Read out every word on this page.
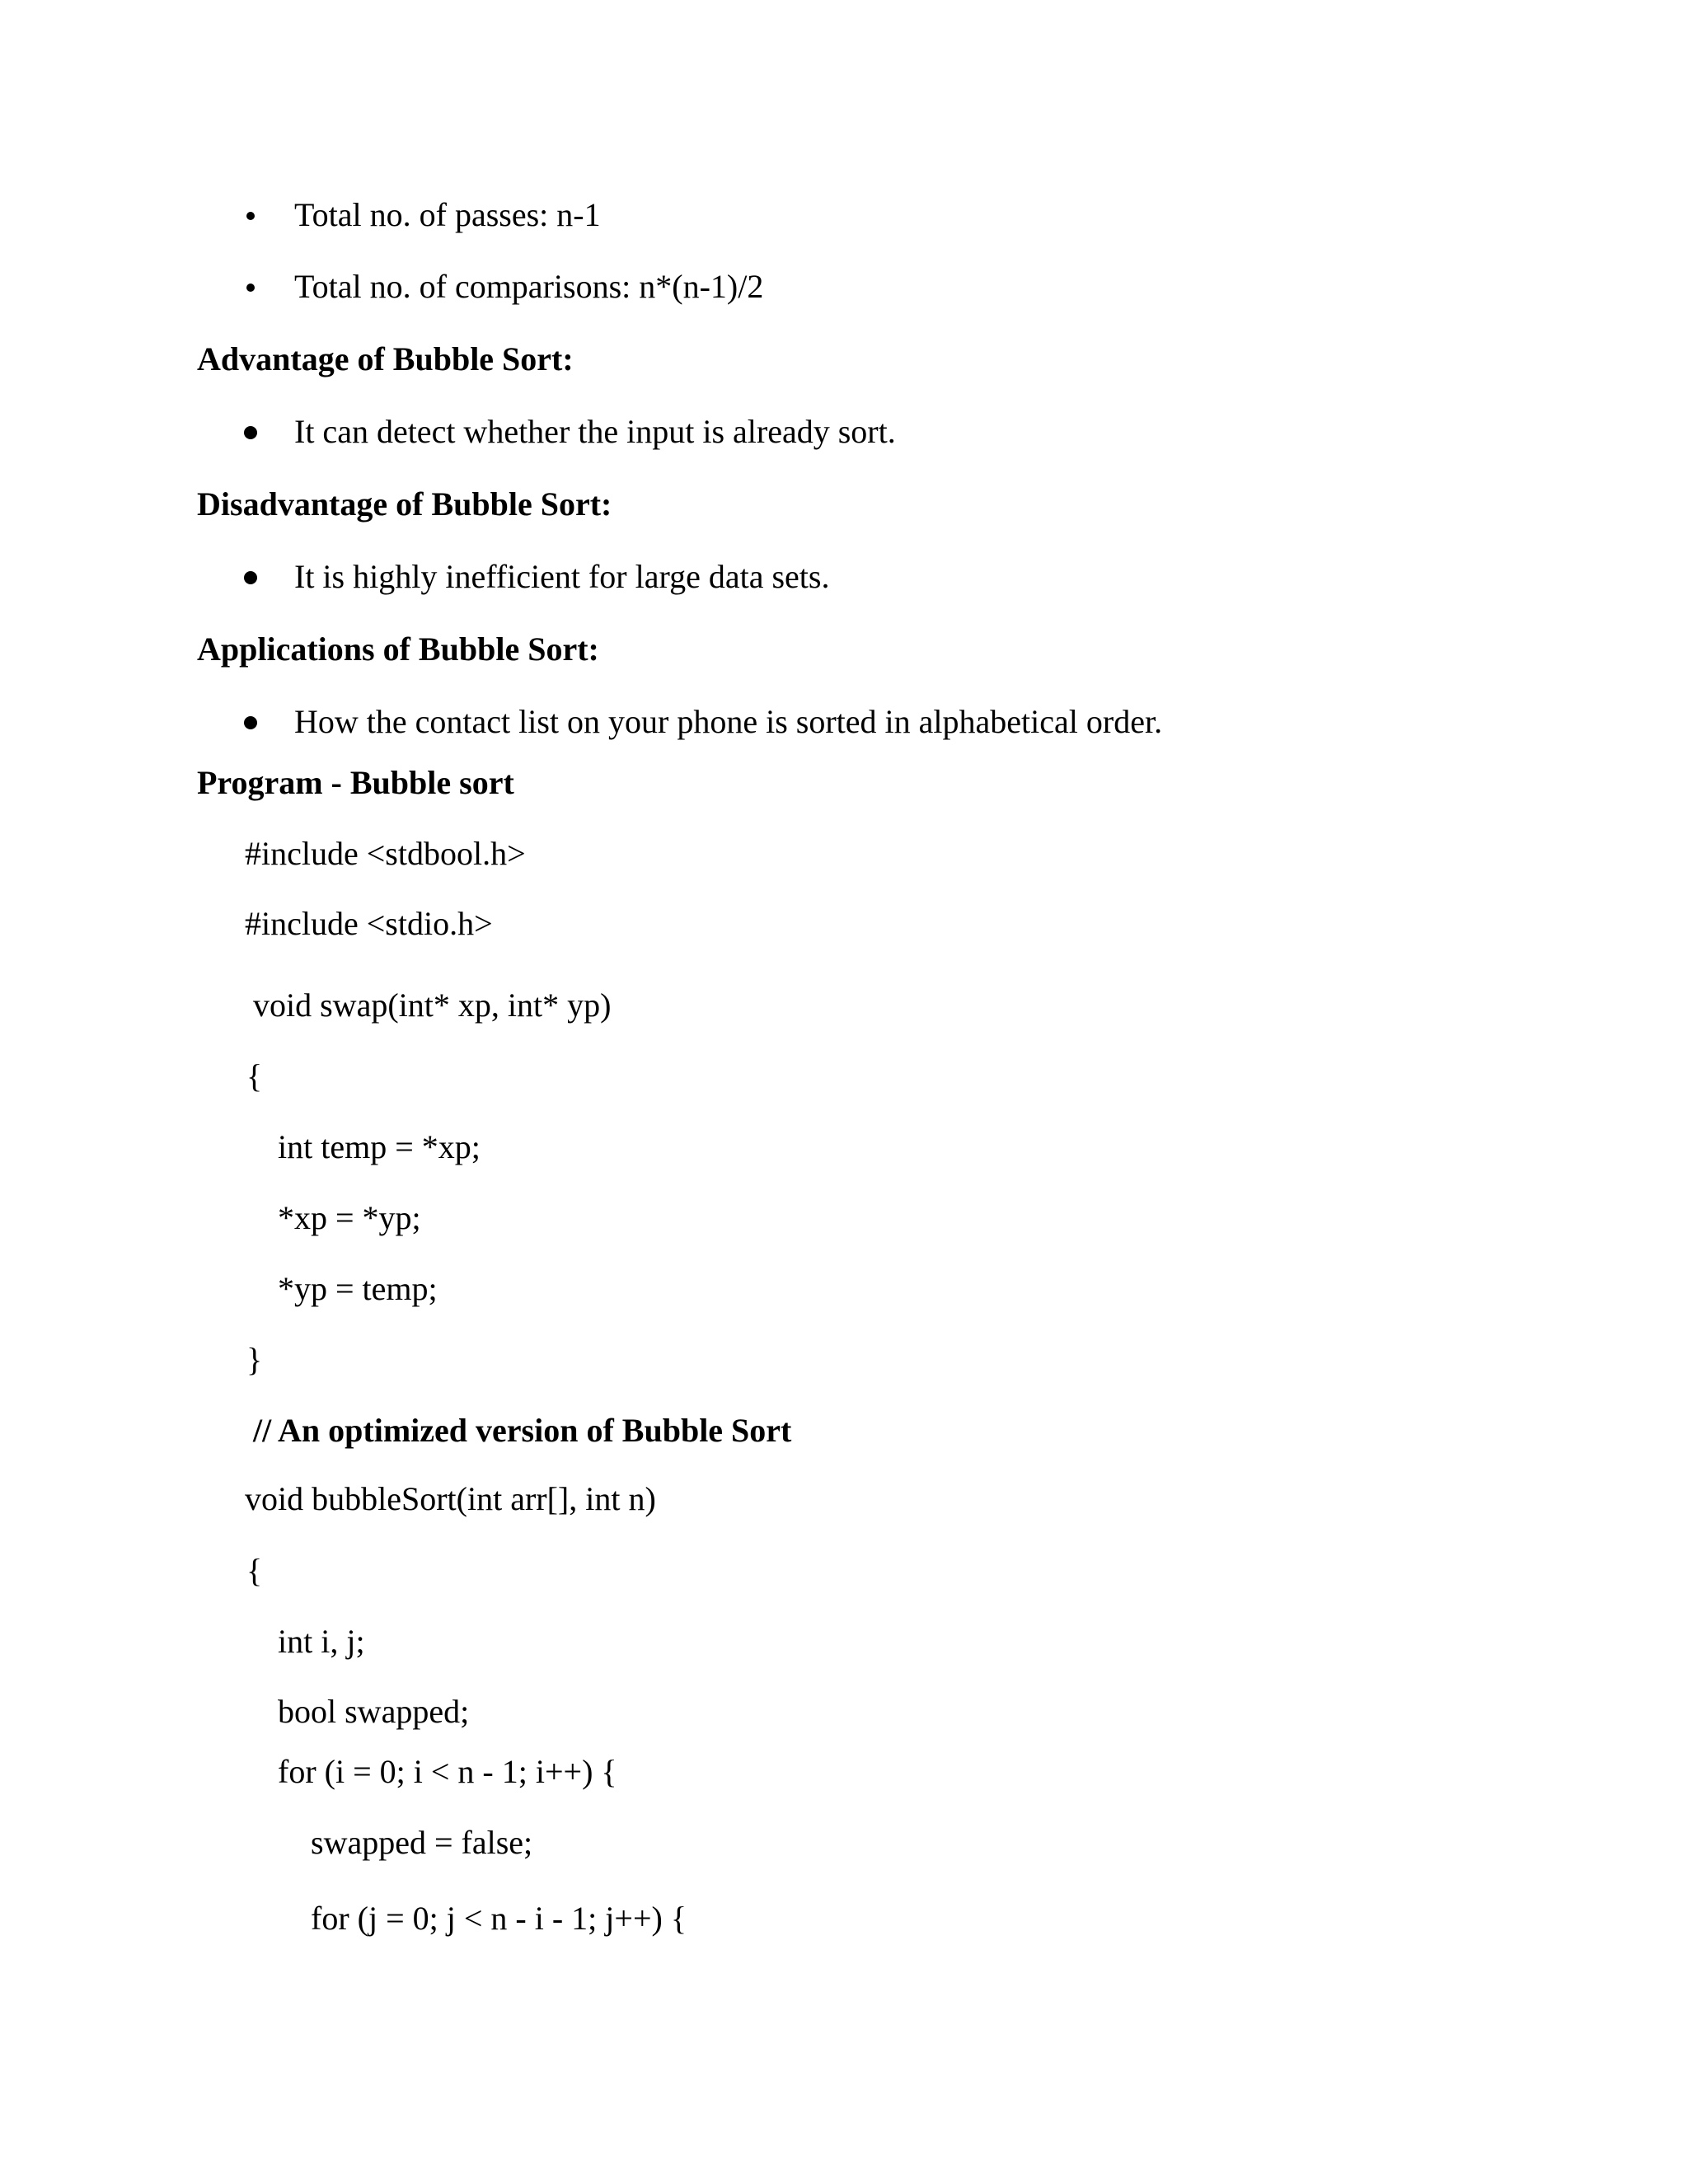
Total no. of passes: n-1
Total no. of comparisons: n*(n-1)/2
Advantage of Bubble Sort:
It can detect whether the input is already sort.
Disadvantage of Bubble Sort:
It is highly inefficient for large data sets.
Applications of Bubble Sort:
How the contact list on your phone is sorted in alphabetical order.
Program - Bubble sort
#include <stdbool.h>
#include <stdio.h>
void swap(int* xp, int* yp)
{
int temp = *xp;
*xp = *yp;
*yp = temp;
}
// An optimized version of Bubble Sort
void bubbleSort(int arr[], int n)
{
int i, j;
bool swapped;
for (i = 0; i < n - 1; i++) {
swapped = false;
for (j = 0; j < n - i - 1; j++) {
